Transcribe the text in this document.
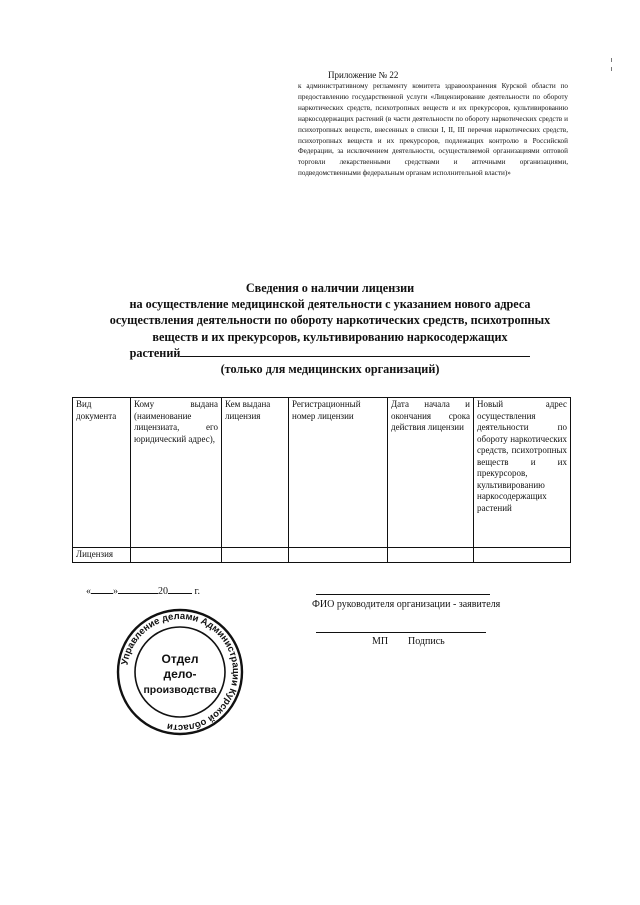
Приложение № 22
к административному регламенту комитета здравоохранения Курской области по предоставлению государственной услуги «Лицензирование деятельности по обороту наркотических средств, психотропных веществ и их прекурсоров, культивированию наркосодержащих растений (в части деятельности по обороту наркотических средств и психотропных веществ, внесенных в списки I, II, III перечня наркотических средств, психотропных веществ и их прекурсоров, подлежащих контролю в Российской Федерации, за исключением деятельности, осуществляемой организациями оптовой торговли лекарственными средствами и аптечными организациями, подведомственными федеральным органам исполнительной власти)»
Сведения о наличии лицензии
на осуществление медицинской деятельности с указанием нового адреса
осуществления деятельности по обороту наркотических средств, психотропных
веществ и их прекурсоров, культивированию наркосодержащих
растений
(только для медицинских организаций)
Вид документа	Кому выдана (наименование лицензиата, его юридический адрес),	Кем выдана лицензия	Регистрационный номер лицензии	Дата начала и окончания срока действия лицензии	Новый адрес осуществления деятельности по обороту наркотических средств, психотропных веществ и их прекурсоров, культивированию наркосодержащих растений
Лицензия					
« »	20	г.
ФИО руководителя организации - заявителя
МП Подпись
Управление делами Администрации Курской области
Отдел
дело-
производства
